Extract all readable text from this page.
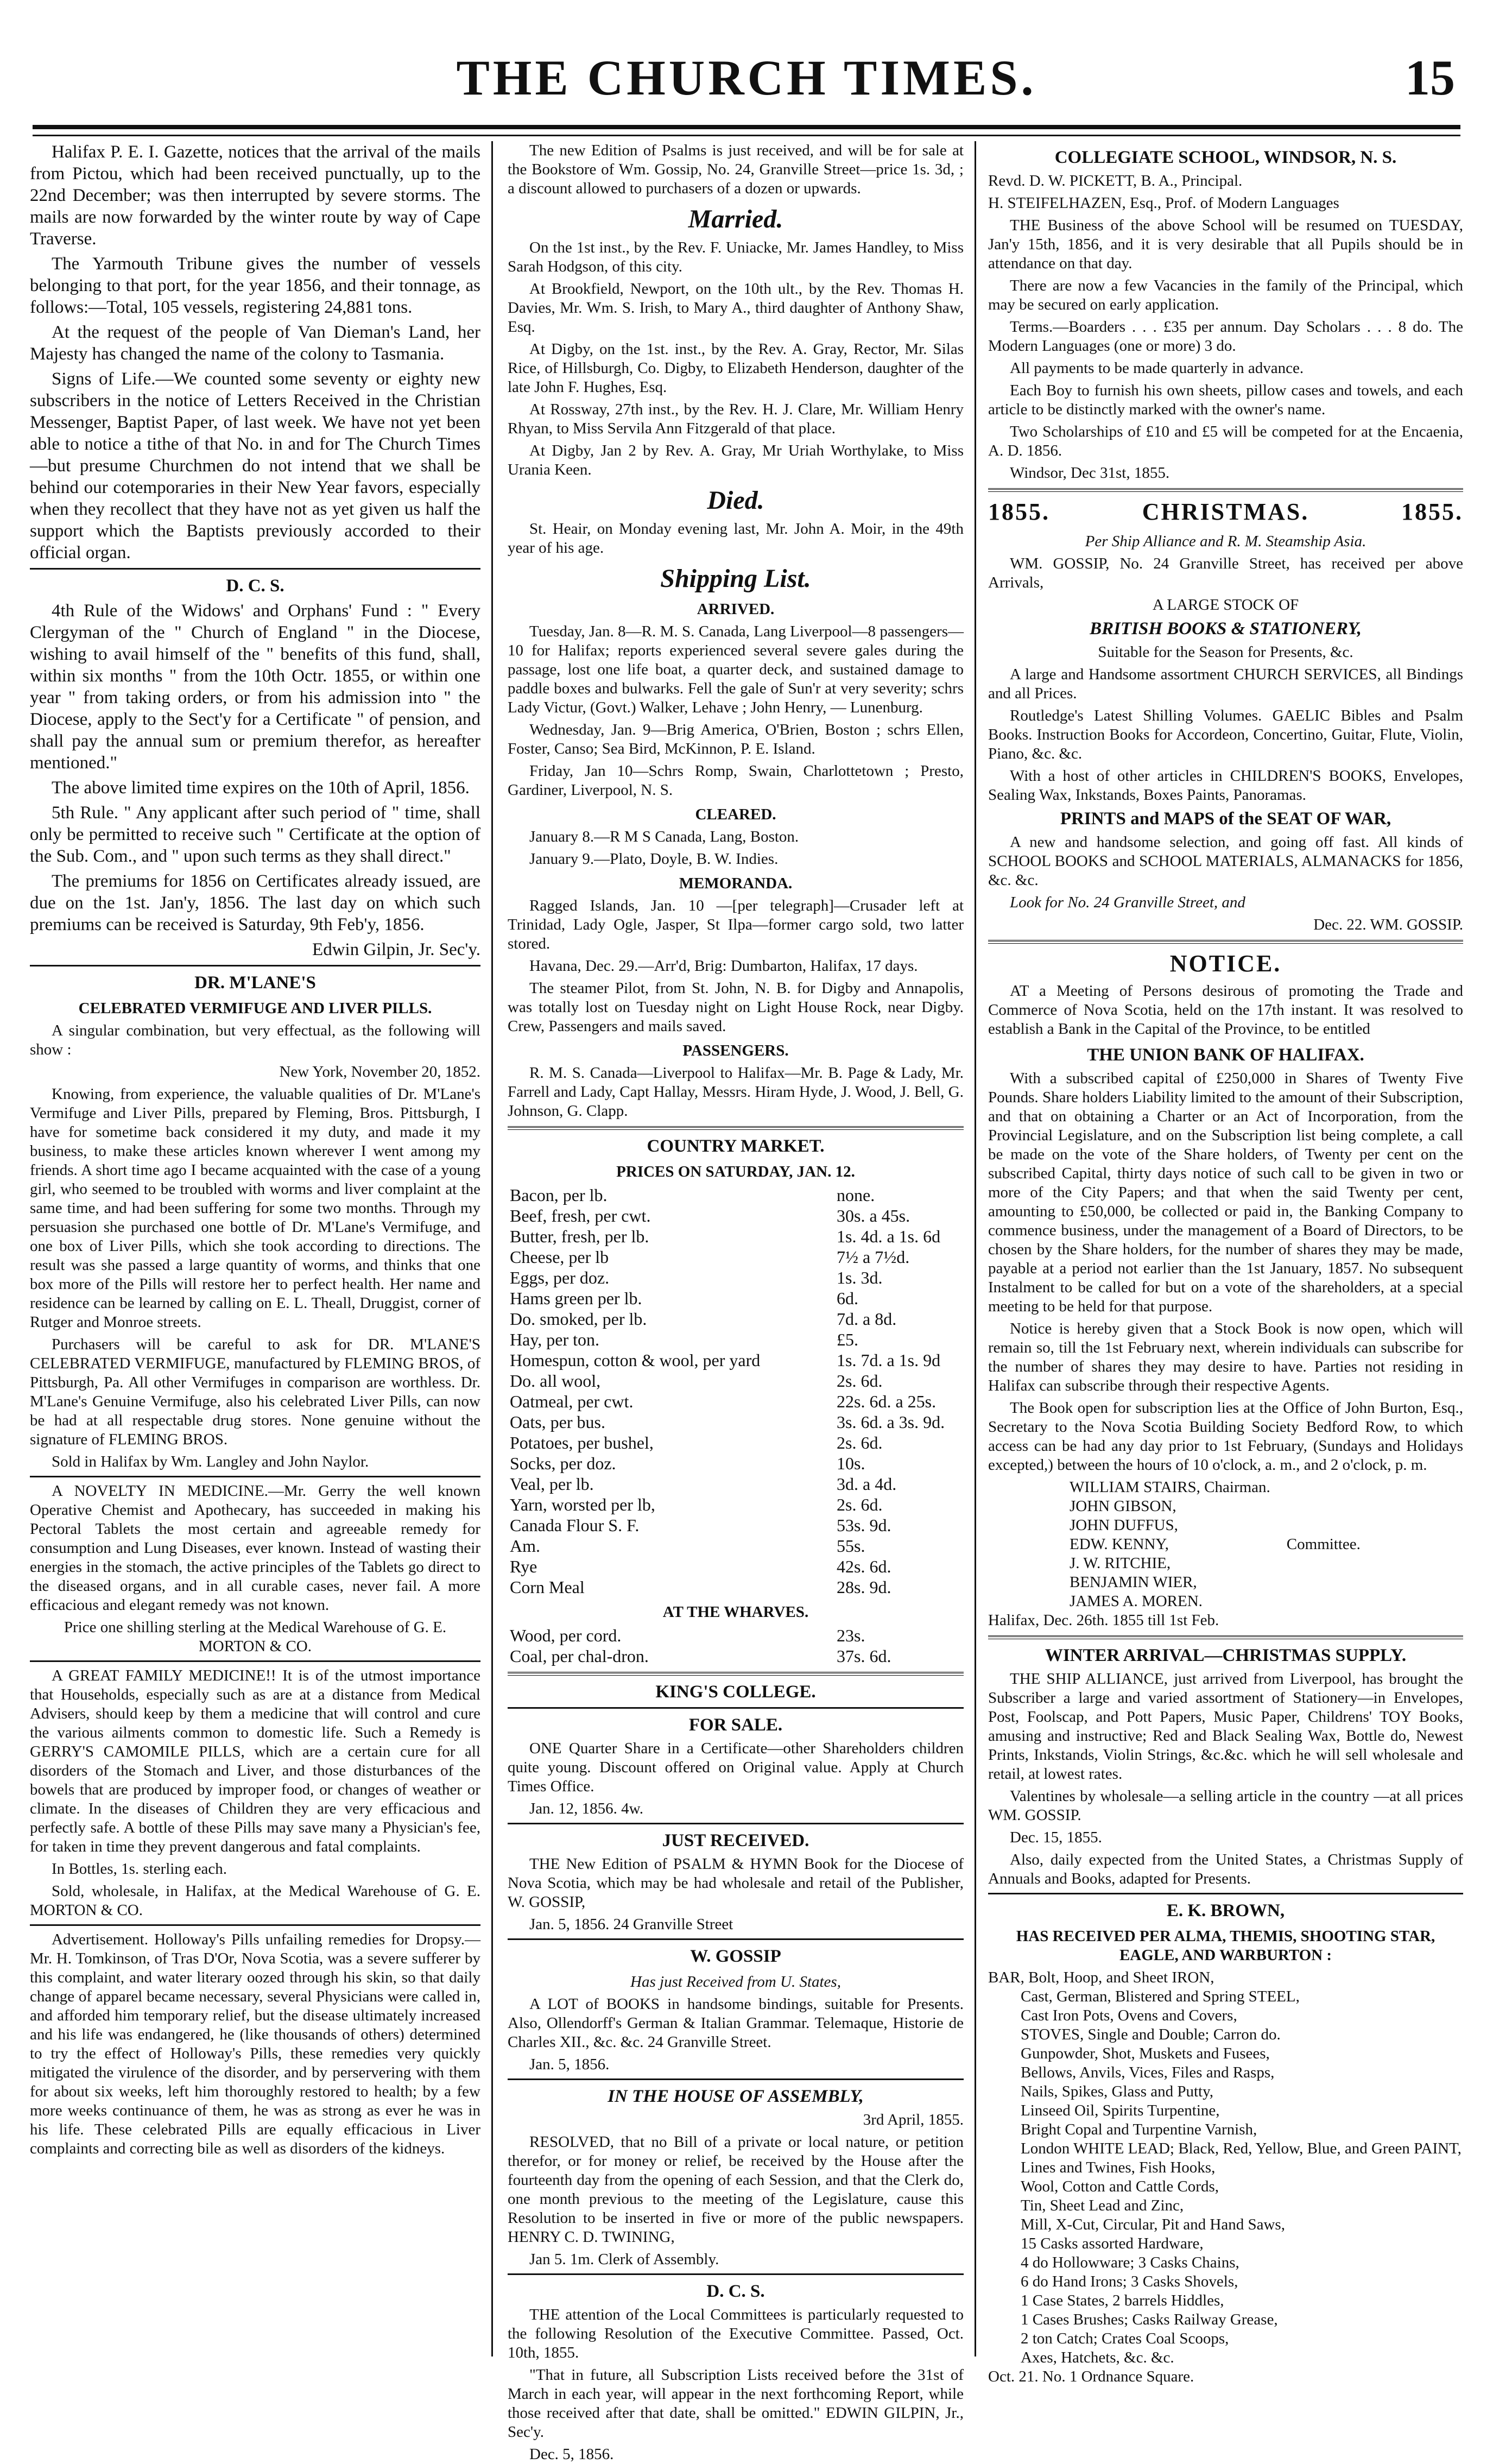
THE CHURCH TIMES.	15

Halifax P. E. I. Gazette, notices that the arrival of the mails from Pictou, which had been received punctually, up to the 22nd December; was then interrupted by severe storms. The mails are now forwarded by the winter route by way of Cape Traverse.

The Yarmouth Tribune gives the number of vessels belonging to that port, for the year 1856, and their tonnage, as follows:—Total, 105 vessels, registering 24,881 tons.

At the request of the people of Van Dieman's Land, her Majesty has changed the name of the colony to Tasmania.

Signs of Life.—We counted some seventy or eighty new subscribers in the notice of Letters Received in the Christian Messenger, Baptist Paper, of last week. We have not yet been able to notice a tithe of that No. in and for The Church Times—but presume Churchmen do not intend that we shall be behind our cotemporaries in their New Year favors, especially when they recollect that they have not as yet given us half the support which the Baptists previously accorded to their official organ.

D. C. S.

4th Rule of the Widows' and Orphans' Fund : " Every Clergyman of the " Church of England " in the Diocese, wishing to avail himself of the " benefits of this fund, shall, within six months " from the 10th Octr. 1855, or within one year " from taking orders, or from his admission into " the Diocese, apply to the Sect'y for a Certificate " of pension, and shall pay the annual sum or premium therefor, as hereafter mentioned."

The above limited time expires on the 10th of April, 1856.

5th Rule. " Any applicant after such period of " time, shall only be permitted to receive such " Certificate at the option of the Sub. Com., and " upon such terms as they shall direct."

The premiums for 1856 on Certificates already issued, are due on the 1st. Jan'y, 1856. The last day on which such premiums can be received is Saturday, 9th Feb'y, 1856.

Edwin Gilpin, Jr. Sec'y.

DR. M'LANE'S
CELEBRATED VERMIFUGE AND LIVER PILLS.

A singular combination, but very effectual, as the following will show :

New York, November 20, 1852.

Knowing, from experience, the valuable qualities of Dr. M'Lane's Vermifuge and Liver Pills, prepared by Fleming, Bros. Pittsburgh, I have for sometime back considered it my duty, and made it my business, to make these articles known wherever I went among my friends. A short time ago I became acquainted with the case of a young girl, who seemed to be troubled with worms and liver complaint at the same time, and had been suffering for some two months. Through my persuasion she purchased one bottle of Dr. M'Lane's Vermifuge, and one box of Liver Pills, which she took according to directions. The result was she passed a large quantity of worms, and thinks that one box more of the Pills will restore her to perfect health. Her name and residence can be learned by calling on E. L. Theall, Druggist, corner of Rutger and Monroe streets.

Purchasers will be careful to ask for DR. M'LANE'S CELEBRATED VERMIFUGE, manufactured by FLEMING BROS, of Pittsburgh, Pa. All other Vermifuges in comparison are worthless. Dr. M'Lane's Genuine Vermifuge, also his celebrated Liver Pills, can now be had at all respectable drug stores. None genuine without the signature of FLEMING BROS.

Sold in Halifax by Wm. Langley and John Naylor.

A NOVELTY IN MEDICINE.—Mr. Gerry the well known Operative Chemist and Apothecary, has succeeded in making his Pectoral Tablets the most certain and agreeable remedy for consumption and Lung Diseases, ever known. Instead of wasting their energies in the stomach, the active principles of the Tablets go direct to the diseased organs, and in all curable cases, never fail. A more efficacious and elegant remedy was not known.

Price one shilling sterling at the Medical Warehouse of G. E. MORTON & CO.

A GREAT FAMILY MEDICINE!! It is of the utmost importance that Households, especially such as are at a distance from Medical Advisers, should keep by them a medicine that will control and cure the various ailments common to domestic life. Such a Remedy is GERRY'S CAMOMILE PILLS, which are a certain cure for all disorders of the Stomach and Liver, and those disturbances of the bowels that are produced by improper food, or changes of weather or climate. In the diseases of Children they are very efficacious and perfectly safe. A bottle of these Pills may save many a Physician's fee, for taken in time they prevent dangerous and fatal complaints.

In Bottles, 1s. sterling each.

Sold, wholesale, in Halifax, at the Medical Warehouse of G. E. MORTON & CO.

Advertisement. Holloway's Pills unfailing remedies for Dropsy.—Mr. H. Tomkinson, of Tras D'Or, Nova Scotia, was a severe sufferer by this complaint, and water literary oozed through his skin, so that daily change of apparel became necessary, several Physicians were called in, and afforded him temporary relief, but the disease ultimately increased and his life was endangered, he (like thousands of others) determined to try the effect of Holloway's Pills, these remedies very quickly mitigated the virulence of the disorder, and by perservering with them for about six weeks, left him thoroughly restored to health; by a few more weeks continuance of them, he was as strong as ever he was in his life. These celebrated Pills are equally efficacious in Liver complaints and correcting bile as well as disorders of the kidneys.

The new Edition of Psalms is just received, and will be for sale at the Bookstore of Wm. Gossip, No. 24, Granville Street—price 1s. 3d, ; a discount allowed to purchasers of a dozen or upwards.

Married.

On the 1st inst., by the Rev. F. Uniacke, Mr. James Handley, to Miss Sarah Hodgson, of this city.

At Brookfield, Newport, on the 10th ult., by the Rev. Thomas H. Davies, Mr. Wm. S. Irish, to Mary A., third daughter of Anthony Shaw, Esq.

At Digby, on the 1st. inst., by the Rev. A. Gray, Rector, Mr. Silas Rice, of Hillsburgh, Co. Digby, to Elizabeth Henderson, daughter of the late John F. Hughes, Esq.

At Rossway, 27th inst., by the Rev. H. J. Clare, Mr. William Henry Rhyan, to Miss Servila Ann Fitzgerald of that place.

At Digby, Jan 2 by Rev. A. Gray, Mr Uriah Worthylake, to Miss Urania Keen.

Died.

St. Heair, on Monday evening last, Mr. John A. Moir, in the 49th year of his age.

Shipping List.
ARRIVED.

Tuesday, Jan. 8—R. M. S. Canada, Lang Liverpool—8 passengers—10 for Halifax; reports experienced several severe gales during the passage, lost one life boat, a quarter deck, and sustained damage to paddle boxes and bulwarks. Fell the gale of Sun'r at very severity; schrs Lady Victur, (Govt.) Walker, Lehave ; John Henry, — Lunenburg.

Wednesday, Jan. 9—Brig America, O'Brien, Boston ; schrs Ellen, Foster, Canso; Sea Bird, McKinnon, P. E. Island.

Friday, Jan 10—Schrs Romp, Swain, Charlottetown ; Presto, Gardiner, Liverpool, N. S.

CLEARED.

January 8.—R M S Canada, Lang, Boston.

January 9.—Plato, Doyle, B. W. Indies.

MEMORANDA.

Ragged Islands, Jan. 10 —[per telegraph]—Crusader left at Trinidad, Lady Ogle, Jasper, St Ilpa—former cargo sold, two latter stored.

Havana, Dec. 29.—Arr'd, Brig: Dumbarton, Halifax, 17 days.

The steamer Pilot, from St. John, N. B. for Digby and Annapolis, was totally lost on Tuesday night on Light House Rock, near Digby. Crew, Passengers and mails saved.

PASSENGERS.

R. M. S. Canada—Liverpool to Halifax—Mr. B. Page & Lady, Mr. Farrell and Lady, Capt Hallay, Messrs. Hiram Hyde, J. Wood, J. Bell, G. Johnson, G. Clapp.

COUNTRY MARKET.
PRICES ON SATURDAY, JAN. 12.
Bacon, per lb.	none.
Beef, fresh, per cwt.	30s. a 45s.
Butter, fresh, per lb.	1s. 4d. a 1s. 6d
Cheese, per lb	7½ a 7½d.
Eggs, per doz.	1s. 3d.
Hams green per lb.	6d.
Do. smoked, per lb.	7d. a 8d.
Hay, per ton.	£5.
Homespun, cotton & wool, per yard	1s. 7d. a 1s. 9d
Do. all wool,	2s. 6d.
Oatmeal, per cwt.	22s. 6d. a 25s.
Oats, per bus.	3s. 6d. a 3s. 9d.
Potatoes, per bushel,	2s. 6d.
Socks, per doz.	10s.
Veal, per lb.	3d. a 4d.
Yarn, worsted per lb,	2s. 6d.
Canada Flour S. F.	53s. 9d.
Am.	55s.
Rye	42s. 6d.
Corn Meal	28s. 9d.
AT THE WHARVES.
Wood, per cord.	23s.
Coal, per chal-dron.	37s. 6d.
KING'S COLLEGE.
FOR SALE.

ONE Quarter Share in a Certificate—other Shareholders children quite young. Discount offered on Original value. Apply at Church Times Office.

Jan. 12, 1856. 4w.

JUST RECEIVED.

THE New Edition of PSALM & HYMN Book for the Diocese of Nova Scotia, which may be had wholesale and retail of the Publisher, W. GOSSIP,

Jan. 5, 1856. 24 Granville Street

W. GOSSIP
Has just Received from U. States,

A LOT of BOOKS in handsome bindings, suitable for Presents. Also, Ollendorff's German & Italian Grammar. Telemaque, Historie de Charles XII., &c. &c. 24 Granville Street.

Jan. 5, 1856.

IN THE HOUSE OF ASSEMBLY,

3rd April, 1855.

RESOLVED, that no Bill of a private or local nature, or petition therefor, or for money or relief, be received by the House after the fourteenth day from the opening of each Session, and that the Clerk do, one month previous to the meeting of the Legislature, cause this Resolution to be inserted in five or more of the public newspapers. HENRY C. D. TWINING,

Jan 5. 1m. Clerk of Assembly.

D. C. S.

THE attention of the Local Committees is particularly requested to the following Resolution of the Executive Committee. Passed, Oct. 10th, 1855.

"That in future, all Subscription Lists received before the 31st of March in each year, will appear in the next forthcoming Report, while those received after that date, shall be omitted." EDWIN GILPIN, Jr., Sec'y.

Dec. 5, 1856.

COLLEGIATE SCHOOL, WINDSOR, N. S.

Revd. D. W. PICKETT, B. A., Principal.

H. STEIFELHAZEN, Esq., Prof. of Modern Languages

THE Business of the above School will be resumed on TUESDAY, Jan'y 15th, 1856, and it is very desirable that all Pupils should be in attendance on that day.

There are now a few Vacancies in the family of the Principal, which may be secured on early application.

Terms.—Boarders . . . £35 per annum. Day Scholars . . . 8 do. The Modern Languages (one or more) 3 do.

All payments to be made quarterly in advance.

Each Boy to furnish his own sheets, pillow cases and towels, and each article to be distinctly marked with the owner's name.

Two Scholarships of £10 and £5 will be competed for at the Encaenia, A. D. 1856.

Windsor, Dec 31st, 1855.

1855.	CHRISTMAS.	1855.
Per Ship Alliance and R. M. Steamship Asia.

WM. GOSSIP, No. 24 Granville Street, has received per above Arrivals,

A LARGE STOCK OF

BRITISH BOOKS & STATIONERY,

Suitable for the Season for Presents, &c.

A large and Handsome assortment CHURCH SERVICES, all Bindings and all Prices.

Routledge's Latest Shilling Volumes. GAELIC Bibles and Psalm Books. Instruction Books for Accordeon, Concertino, Guitar, Flute, Violin, Piano, &c. &c.

With a host of other articles in CHILDREN'S BOOKS, Envelopes, Sealing Wax, Inkstands, Boxes Paints, Panoramas.

PRINTS and MAPS of the SEAT OF WAR,

A new and handsome selection, and going off fast. All kinds of SCHOOL BOOKS and SCHOOL MATERIALS, ALMANACKS for 1856, &c. &c.

Look for No. 24 Granville Street, and

Dec. 22. WM. GOSSIP.

NOTICE.

AT a Meeting of Persons desirous of promoting the Trade and Commerce of Nova Scotia, held on the 17th instant. It was resolved to establish a Bank in the Capital of the Province, to be entitled

THE UNION BANK OF HALIFAX.

With a subscribed capital of £250,000 in Shares of Twenty Five Pounds. Share holders Liability limited to the amount of their Subscription, and that on obtaining a Charter or an Act of Incorporation, from the Provincial Legislature, and on the Subscription list being complete, a call be made on the vote of the Share holders, of Twenty per cent on the subscribed Capital, thirty days notice of such call to be given in two or more of the City Papers; and that when the said Twenty per cent, amounting to £50,000, be collected or paid in, the Banking Company to commence business, under the management of a Board of Directors, to be chosen by the Share holders, for the number of shares they may be made, payable at a period not earlier than the 1st January, 1857. No subsequent Instalment to be called for but on a vote of the shareholders, at a special meeting to be held for that purpose.

Notice is hereby given that a Stock Book is now open, which will remain so, till the 1st February next, wherein individuals can subscribe for the number of shares they may desire to have. Parties not residing in Halifax can subscribe through their respective Agents.

The Book open for subscription lies at the Office of John Burton, Esq., Secretary to the Nova Scotia Building Society Bedford Row, to which access can be had any day prior to 1st February, (Sundays and Holidays excepted,) between the hours of 10 o'clock, a. m., and 2 o'clock, p. m.

WILLIAM STAIRS, Chairman.
JOHN GIBSON,
JOHN DUFFUS,
EDW. KENNY,
J. W. RITCHIE,
BENJAMIN WIER,
JAMES A. MOREN.
Committee.

Halifax, Dec. 26th. 1855 till 1st Feb.

WINTER ARRIVAL—CHRISTMAS SUPPLY.

THE SHIP ALLIANCE, just arrived from Liverpool, has brought the Subscriber a large and varied assortment of Stationery—in Envelopes, Post, Foolscap, and Pott Papers, Music Paper, Childrens' TOY Books, amusing and instructive; Red and Black Sealing Wax, Bottle do, Newest Prints, Inkstands, Violin Strings, &c.&c. which he will sell wholesale and retail, at lowest rates.

Valentines by wholesale—a selling article in the country —at all prices WM. GOSSIP.

Dec. 15, 1855.

Also, daily expected from the United States, a Christmas Supply of Annuals and Books, adapted for Presents.

E. K. BROWN,
HAS RECEIVED PER ALMA, THEMIS, SHOOTING STAR, EAGLE, AND WARBURTON :
BAR, Bolt, Hoop, and Sheet IRON,
Cast, German, Blistered and Spring STEEL,
Cast Iron Pots, Ovens and Covers,
STOVES, Single and Double; Carron do.
Gunpowder, Shot, Muskets and Fusees,
Bellows, Anvils, Vices, Files and Rasps,
Nails, Spikes, Glass and Putty,
Linseed Oil, Spirits Turpentine,
Bright Copal and Turpentine Varnish,
London WHITE LEAD; Black, Red, Yellow, Blue, and Green PAINT,
Lines and Twines, Fish Hooks,
Wool, Cotton and Cattle Cords,
Tin, Sheet Lead and Zinc,
Mill, X-Cut, Circular, Pit and Hand Saws,
15 Casks assorted Hardware,
4 do Hollowware; 3 Casks Chains,
6 do Hand Irons; 3 Casks Shovels,
1 Case States, 2 barrels Hiddles,
1 Cases Brushes; Casks Railway Grease,
2 ton Catch; Crates Coal Scoops,
Axes, Hatchets, &c. &c.

Oct. 21. No. 1 Ordnance Square.
